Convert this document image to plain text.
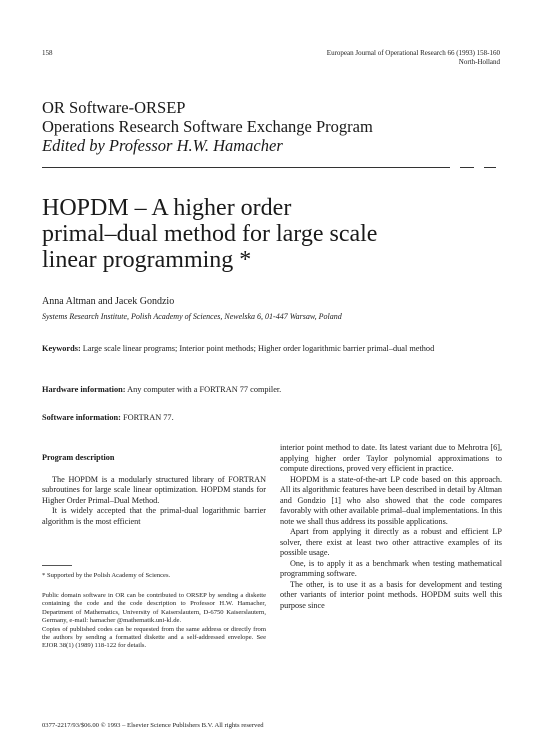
158	European Journal of Operational Research 66 (1993) 158-160
North-Holland
OR Software-ORSEP
Operations Research Software Exchange Program
Edited by Professor H.W. Hamacher
HOPDM – A higher order
primal–dual method for large scale
linear programming *
Anna Altman and Jacek Gondzio
Systems Research Institute, Polish Academy of Sciences, Newelska 6, 01-447 Warsaw, Poland
Keywords: Large scale linear programs; Interior point methods; Higher order logarithmic barrier primal–dual method
Hardware information: Any computer with a FORTRAN 77 compiler.
Software information: FORTRAN 77.
Program description

The HOPDM is a modularly structured library of FORTRAN subroutines for large scale linear optimization. HOPDM stands for Higher Order Primal–Dual Method.

It is widely accepted that the primal-dual logarithmic barrier algorithm is the most efficient

* Supported by the Polish Academy of Sciences.

Public domain software in OR can be contributed to ORSEP by sending a diskette containing the code and the code description to Professor H.W. Hamacher, Department of Mathematics, University of Kaiserslautern, D-6750 Kaiserslautern, Germany, e-mail: hamacher @mathematik.uni-kl.de.
Copies of published codes can be requested from the same address or directly from the authors by sending a formatted diskette and a self-addressed envelope. See EJOR 38(1) (1989) 118-122 for details.

interior point method to date. Its latest variant due to Mehrotra [6], applying higher order Taylor polynomial approximations to compute directions, proved very efficient in practice.

HOPDM is a state-of-the-art LP code based on this approach. All its algorithmic features have been described in detail by Altman and Gondzio [1] who also showed that the code compares favorably with other available primal–dual implementations. In this note we shall thus address its possible applications.

Apart from applying it directly as a robust and efficient LP solver, there exist at least two other attractive examples of its possible usage.

One, is to apply it as a benchmark when testing mathematical programming software.

The other, is to use it as a basis for development and testing other variants of interior point methods. HOPDM suits well this purpose since

0377-2217/93/$06.00 © 1993 – Elsevier Science Publishers B.V. All rights reserved
